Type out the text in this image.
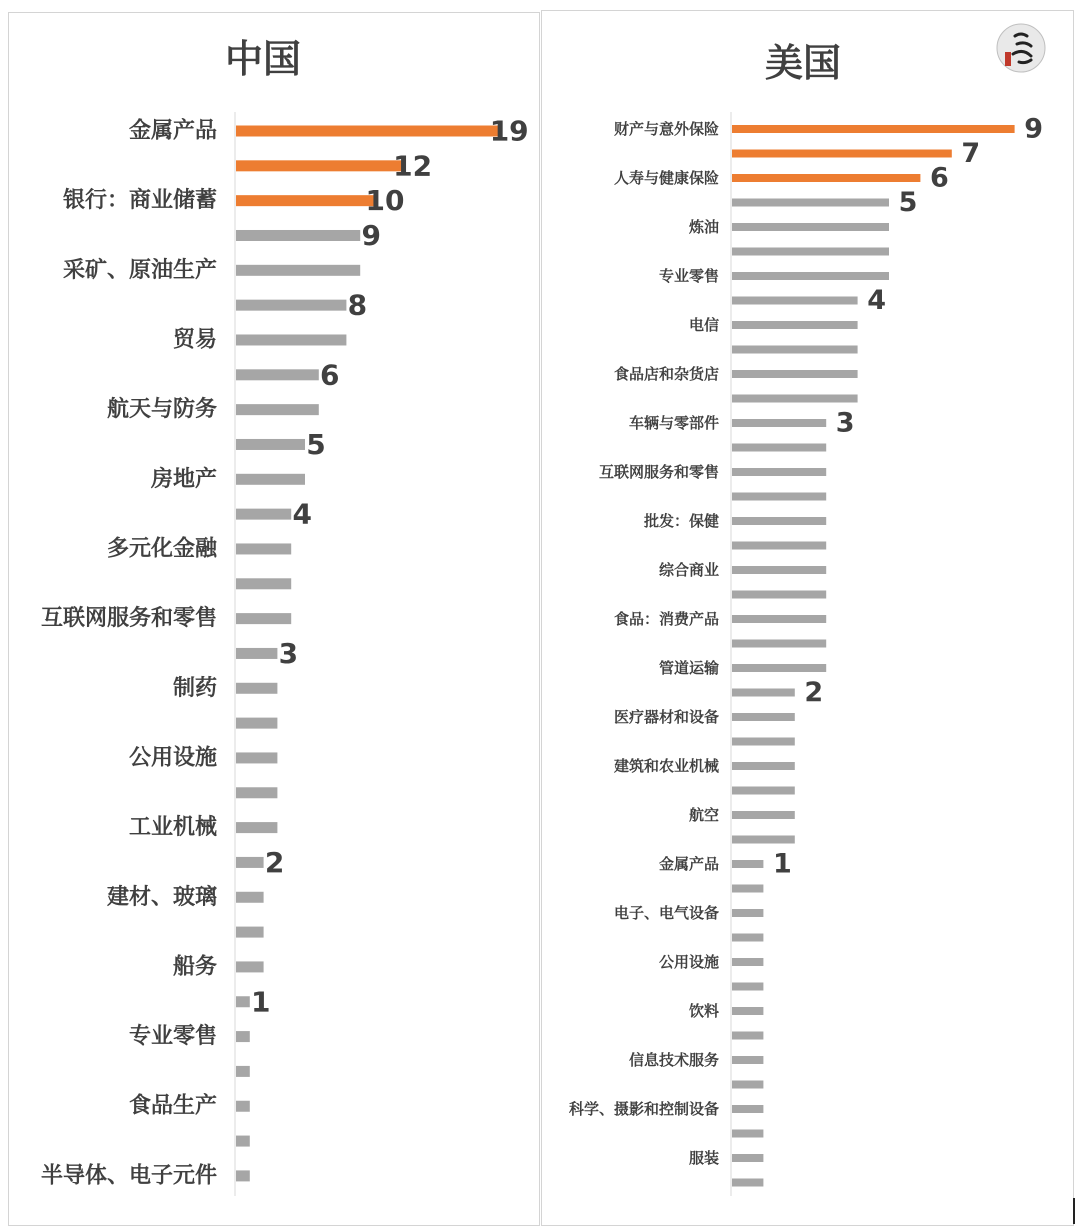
中国	美国
金属产品	19
12
银行：商业储蓄	10
9
采矿、原油生产
8
贸易
6
航天与防务
5
房地产
4
多元化金融
互联网服务和零售
3
制药
公用设施
工业机械
2
建材、玻璃
船务
1
专业零售
食品生产
半导体、电子元件
财产与意外保险	9
7
人寿与健康保险	6
5
炼油
专业零售
4
电信
食品店和杂货店
车辆与零部件	3
互联网服务和零售
批发：保健
综合商业
食品：消费产品
管道运输
2
医疗器材和设备
建筑和农业机械
航空
金属产品 1
电子、电气设备
公用设施
饮料
信息技术服务
科学、摄影和控制设备
服装
